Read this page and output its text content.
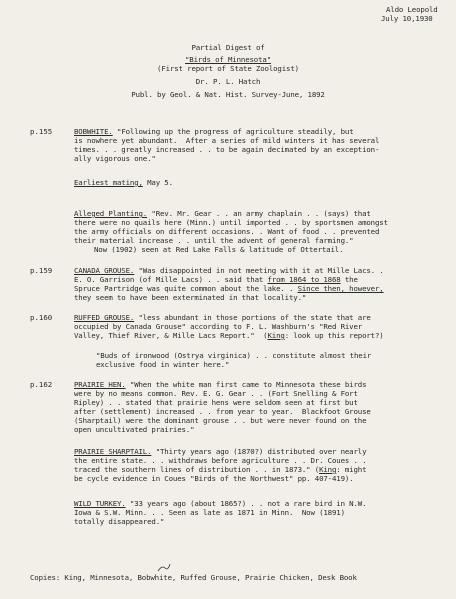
Aldo Leopold
July 10,1930
Partial Digest of
"Birds of Minnesota"
(First report of State Zoologist)
Dr. P. L. Hatch
Publ. by Geol. & Nat. Hist. Survey-June, 1892
p.155	BOBWHITE. "Following up the progress of agriculture steadily, but
is nowhere yet abundant.  After a series of mild winters it has several
times. . . greatly increased . . to be again decimated by an exception-
ally vigorous one."
Earliest mating, May 5.
Alleged Planting. "Rev. Mr. Gear . . an army chaplain . . (says) that
there were no quails here (Minn.) until imported . . by sportsmen amongst
the army officials on different occasions. . Want of food . . prevented
their material increase . . until the advent of general farming."
Now (1902) seen at Red Lake Falls & latitude of Ottertail.
p.159	CANADA GROUSE. "Was disappointed in not meeting with it at Mille Lacs. .
E. O. Garrison (of Mille Lacs) . . said that from 1864 to 1868 the
Spruce Partridge was quite common about the lake. . Since then, however,
they seem to have been exterminated in that locality."
p.160	RUFFED GROUSE. "less abundant in those portions of the state that are
occupied by Canada Grouse" according to F. L. Washburn's "Red River
Valley, Thief River, & Mille Lacs Report."  (King: look up this report?)
"Buds of ironwood (Ostrya virginica) . . constitute almost their
exclusive food in winter here."
p.162	PRAIRIE HEN. "When the white man first came to Minnesota these birds
were by no means common. Rev. E. G. Gear . . (Fort Snelling & Fort
Ripley) . . stated that prairie hens were seldom seen at first but
after (settlement) increased . . from year to year.  Blackfoot Grouse
(Sharptail) were the dominant grouse . . but were never found on the
open uncultivated prairies."
PRAIRIE SHARPTAIL. "Thirty years ago (1870?) distributed over nearly
the entire state. . . withdraws before agriculture . . Dr. Coues . .
traced the southern lines of distribution . . in 1873." (King: might
be cycle evidence in Coues "Birds of the Northwest" pp. 407-419).
WILD TURKEY. "33 years ago (about 1865?) . . not a rare bird in N.W.
Iowa & S.W. Minn. . . Seen as late as 1871 in Minn.  Now (1891)
totally disappeared."
Copies: King, Minnesota, Bobwhite, Ruffed Grouse, Prairie Chicken, Desk Book
